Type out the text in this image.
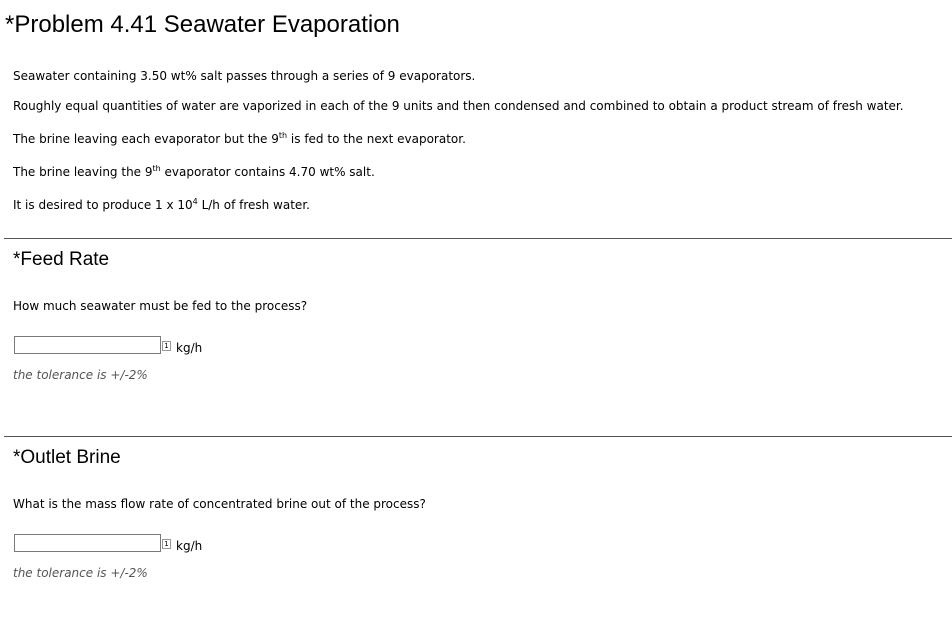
*Problem 4.41 Seawater Evaporation

Seawater containing 3.50 wt% salt passes through a series of 9 evaporators.

Roughly equal quantities of water are vaporized in each of the 9 units and then condensed and combined to obtain a product stream of fresh water.

The brine leaving each evaporator but the 9th is fed to the next evaporator.

The brine leaving the 9th evaporator contains 4.70 wt% salt.

It is desired to produce 1 x $10^4$ L/h of fresh water.

*Feed Rate

How much seawater must be fed to the process?

1 kg/h
the tolerance is +/-2%
*Outlet Brine

What is the mass flow rate of concentrated brine out of the process?

1 kg/h
the tolerance is +/-2%
